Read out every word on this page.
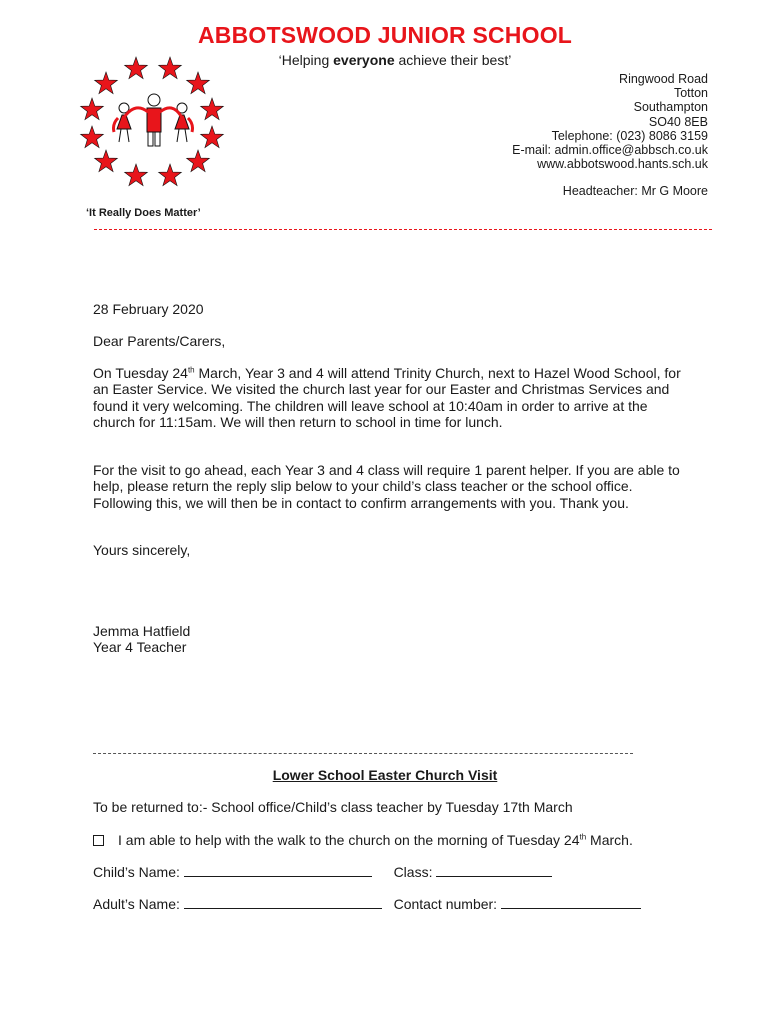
ABBOTSWOOD JUNIOR SCHOOL
‘Helping everyone achieve their best’
Ringwood Road
Totton
Southampton
SO40 8EB
Telephone: (023) 8086 3159
E-mail: admin.office@abbsch.co.uk
www.abbotswood.hants.sch.uk
Headteacher: Mr G Moore
‘It Really Does Matter’
28 February 2020
Dear Parents/Carers,
On Tuesday 24th March, Year 3 and 4 will attend Trinity Church, next to Hazel Wood School, for an Easter Service. We visited the church last year for our Easter and Christmas Services and found it very welcoming. The children will leave school at 10:40am in order to arrive at the church for 11:15am. We will then return to school in time for lunch.
For the visit to go ahead, each Year 3 and 4 class will require 1 parent helper. If you are able to help, please return the reply slip below to your child’s class teacher or the school office. Following this, we will then be in contact to confirm arrangements with you. Thank you.
Yours sincerely,
Jemma Hatfield
Year 4 Teacher
Lower School Easter Church Visit
To be returned to:- School office/Child’s class teacher by Tuesday 17th March
I am able to help with the walk to the church on the morning of Tuesday 24th March.
Child’s Name:	Class:
Adult’s Name:	Contact number:
